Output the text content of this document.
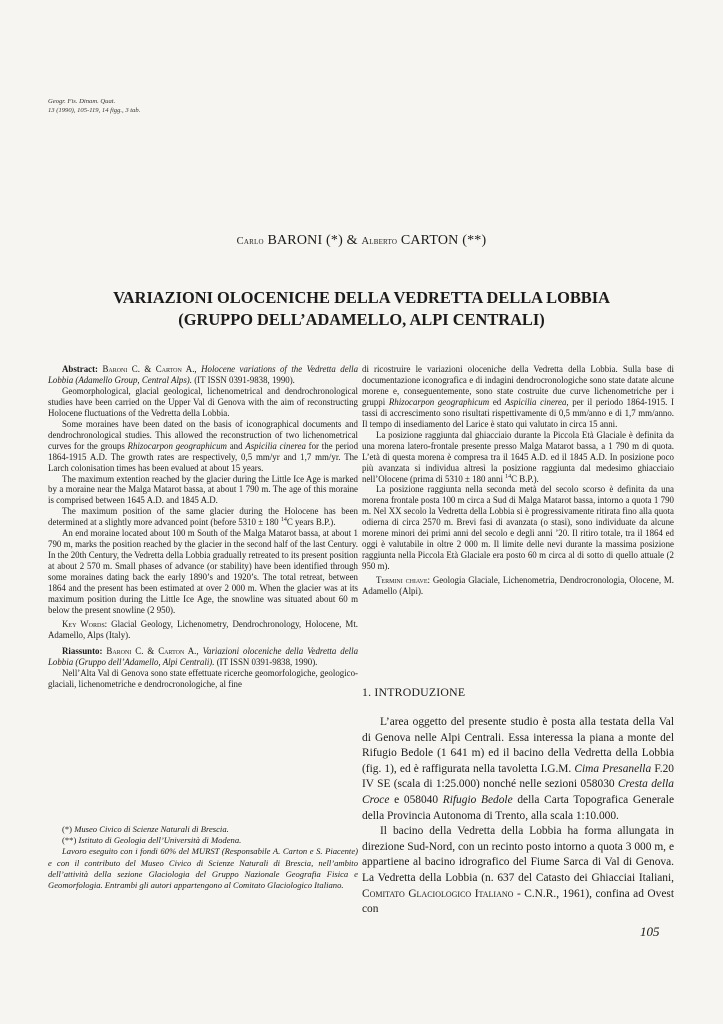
Geogr. Fis. Dinam. Quat.
13 (1990), 105-119, 14 figg., 3 tab.
Carlo BARONI (*) & Alberto CARTON (**)
VARIAZIONI OLOCENICHE DELLA VEDRETTA DELLA LOBBIA
(GRUPPO DELL’ADAMELLO, ALPI CENTRALI)

Abstract: Baroni C. & Carton A., Holocene variations of the Vedretta della Lobbia (Adamello Group, Central Alps). (IT ISSN 0391-9838, 1990).

Geomorphological, glacial geological, lichenometrical and dendrochronological studies have been carried on the Upper Val di Genova with the aim of reconstructing Holocene fluctuations of the Vedretta della Lobbia.

Some moraines have been dated on the basis of iconographical documents and dendrochronological studies. This allowed the reconstruction of two lichenometrical curves for the groups Rhizocarpon geographicum and Aspicilia cinerea for the period 1864-1915 A.D. The growth rates are respectively, 0,5 mm/yr and 1,7 mm/yr. The Larch colonisation times has been evalued at about 15 years.

The maximum extention reached by the glacier during the Little Ice Age is marked by a moraine near the Malga Matarot bassa, at about 1 790 m. The age of this moraine is comprised between 1645 A.D. and 1845 A.D.

The maximum position of the same glacier during the Holocene has been determined at a slightly more advanced point (before 5310 ± 180 $^{14}$C years B.P.).

An end moraine located about 100 m South of the Malga Matarot bassa, at about 1 790 m, marks the position reached by the glacier in the second half of the last Century. In the 20th Century, the Vedretta della Lobbia gradually retreated to its present position at about 2 570 m. Small phases of advance (or stability) have been identified through some moraines dating back the early 1890’s and 1920’s. The total retreat, between 1864 and the present has been estimated at over 2 000 m. When the glacier was at its maximum position during the Little Ice Age, the snowline was situated about 60 m below the present snowline (2 950).

Key Words: Glacial Geology, Lichenometry, Dendrochronology, Holocene, Mt. Adamello, Alps (Italy).

Riassunto: Baroni C. & Carton A., Variazioni oloceniche della Vedretta della Lobbia (Gruppo dell’Adamello, Alpi Centrali). (IT ISSN 0391-9838, 1990).

Nell’Alta Val di Genova sono state effettuate ricerche geomorfologiche, geologico-glaciali, lichenometriche e dendrocronologiche, al fine

(*) Museo Civico di Scienze Naturali di Brescia.

(**) Istituto di Geologia dell’Università di Modena.

Lavoro eseguito con i fondi 60% del MURST (Responsabile A. Carton e S. Piacente) e con il contributo del Museo Civico di Scienze Naturali di Brescia, nell’ambito dell’attività della sezione Glaciologia del Gruppo Nazionale Geografia Fisica e Geomorfologia. Entrambi gli autori appartengono al Comitato Glaciologico Italiano.

di ricostruire le variazioni oloceniche della Vedretta della Lobbia. Sulla base di documentazione iconografica e di indagini dendrocronologiche sono state datate alcune morene e, conseguentemente, sono state costruite due curve lichenometriche per i gruppi Rhizocarpon geographicum ed Aspicilia cinerea, per il periodo 1864-1915. I tassi di accrescimento sono risultati rispettivamente di 0,5 mm/anno e di 1,7 mm/anno. Il tempo di insediamento del Larice è stato qui valutato in circa 15 anni.

La posizione raggiunta dal ghiacciaio durante la Piccola Età Glaciale è definita da una morena latero-frontale presente presso Malga Matarot bassa, a 1 790 m di quota. L’età di questa morena è compresa tra il 1645 A.D. ed il 1845 A.D. In posizione poco più avanzata si individua altresì la posizione raggiunta dal medesimo ghiacciaio nell’Olocene (prima di 5310 ± 180 anni $^{14}$C B.P.).

La posizione raggiunta nella seconda metà del secolo scorso è definita da una morena frontale posta 100 m circa a Sud di Malga Matarot bassa, intorno a quota 1 790 m. Nel XX secolo la Vedretta della Lobbia si è progressivamente ritirata fino alla quota odierna di circa 2570 m. Brevi fasi di avanzata (o stasi), sono individuate da alcune morene minori dei primi anni del secolo e degli anni ’20. Il ritiro totale, tra il 1864 ed oggi è valutabile in oltre 2 000 m. Il limite delle nevi durante la massima posizione raggiunta nella Piccola Età Glaciale era posto 60 m circa al di sotto di quello attuale (2 950 m).

Termini chiave: Geologia Glaciale, Lichenometria, Dendrocronologia, Olocene, M. Adamello (Alpi).

1. INTRODUZIONE

L’area oggetto del presente studio è posta alla testata della Val di Genova nelle Alpi Centrali. Essa interessa la piana a monte del Rifugio Bedole (1 641 m) ed il bacino della Vedretta della Lobbia (fig. 1), ed è raffigurata nella tavoletta I.G.M. Cima Presanella F.20 IV SE (scala di 1:25.000) nonché nelle sezioni 058030 Cresta della Croce e 058040 Rifugio Bedole della Carta Topografica Generale della Provincia Autonoma di Trento, alla scala 1:10.000.

Il bacino della Vedretta della Lobbia ha forma allungata in direzione Sud-Nord, con un recinto posto intorno a quota 3 000 m, e appartiene al bacino idrografico del Fiume Sarca di Val di Genova. La Vedretta della Lobbia (n. 637 del Catasto dei Ghiacciai Italiani, Comitato Glaciologico Italiano - C.N.R., 1961), confina ad Ovest con

105
